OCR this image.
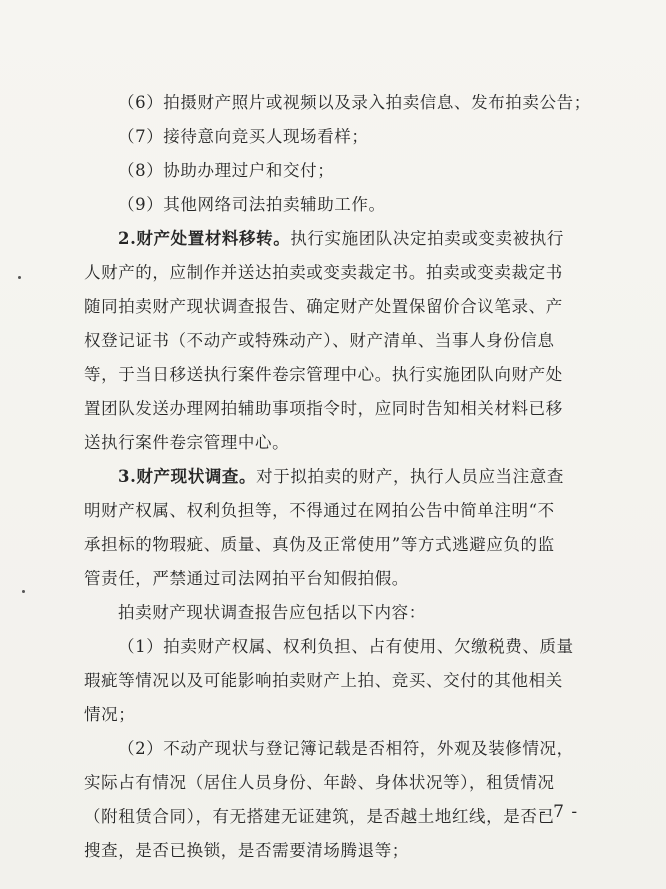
（6）拍摄财产照片或视频以及录入拍卖信息、发布拍卖公告；
（7）接待意向竞买人现场看样；
（8）协助办理过户和交付；
（9）其他网络司法拍卖辅助工作。
2.财产处置材料移转。执行实施团队决定拍卖或变卖被执行
人财产的，应制作并送达拍卖或变卖裁定书。拍卖或变卖裁定书
随同拍卖财产现状调查报告、确定财产处置保留价合议笔录、产
权登记证书（不动产或特殊动产）、财产清单、当事人身份信息
等，于当日移送执行案件卷宗管理中心。执行实施团队向财产处
置团队发送办理网拍辅助事项指令时，应同时告知相关材料已移
送执行案件卷宗管理中心。
3.财产现状调查。对于拟拍卖的财产，执行人员应当注意查
明财产权属、权利负担等，不得通过在网拍公告中简单注明“不
承担标的物瑕疵、质量、真伪及正常使用”等方式逃避应负的监
管责任，严禁通过司法网拍平台知假拍假。
拍卖财产现状调查报告应包括以下内容：
（1）拍卖财产权属、权利负担、占有使用、欠缴税费、质量
瑕疵等情况以及可能影响拍卖财产上拍、竞买、交付的其他相关
情况；
（2）不动产现状与登记簿记载是否相符，外观及装修情况，
实际占有情况（居住人员身份、年龄、身体状况等），租赁情况
（附租赁合同），有无搭建无证建筑，是否越土地红线，是否已
搜查，是否已换锁，是否需要清场腾退等；
- 7 -
